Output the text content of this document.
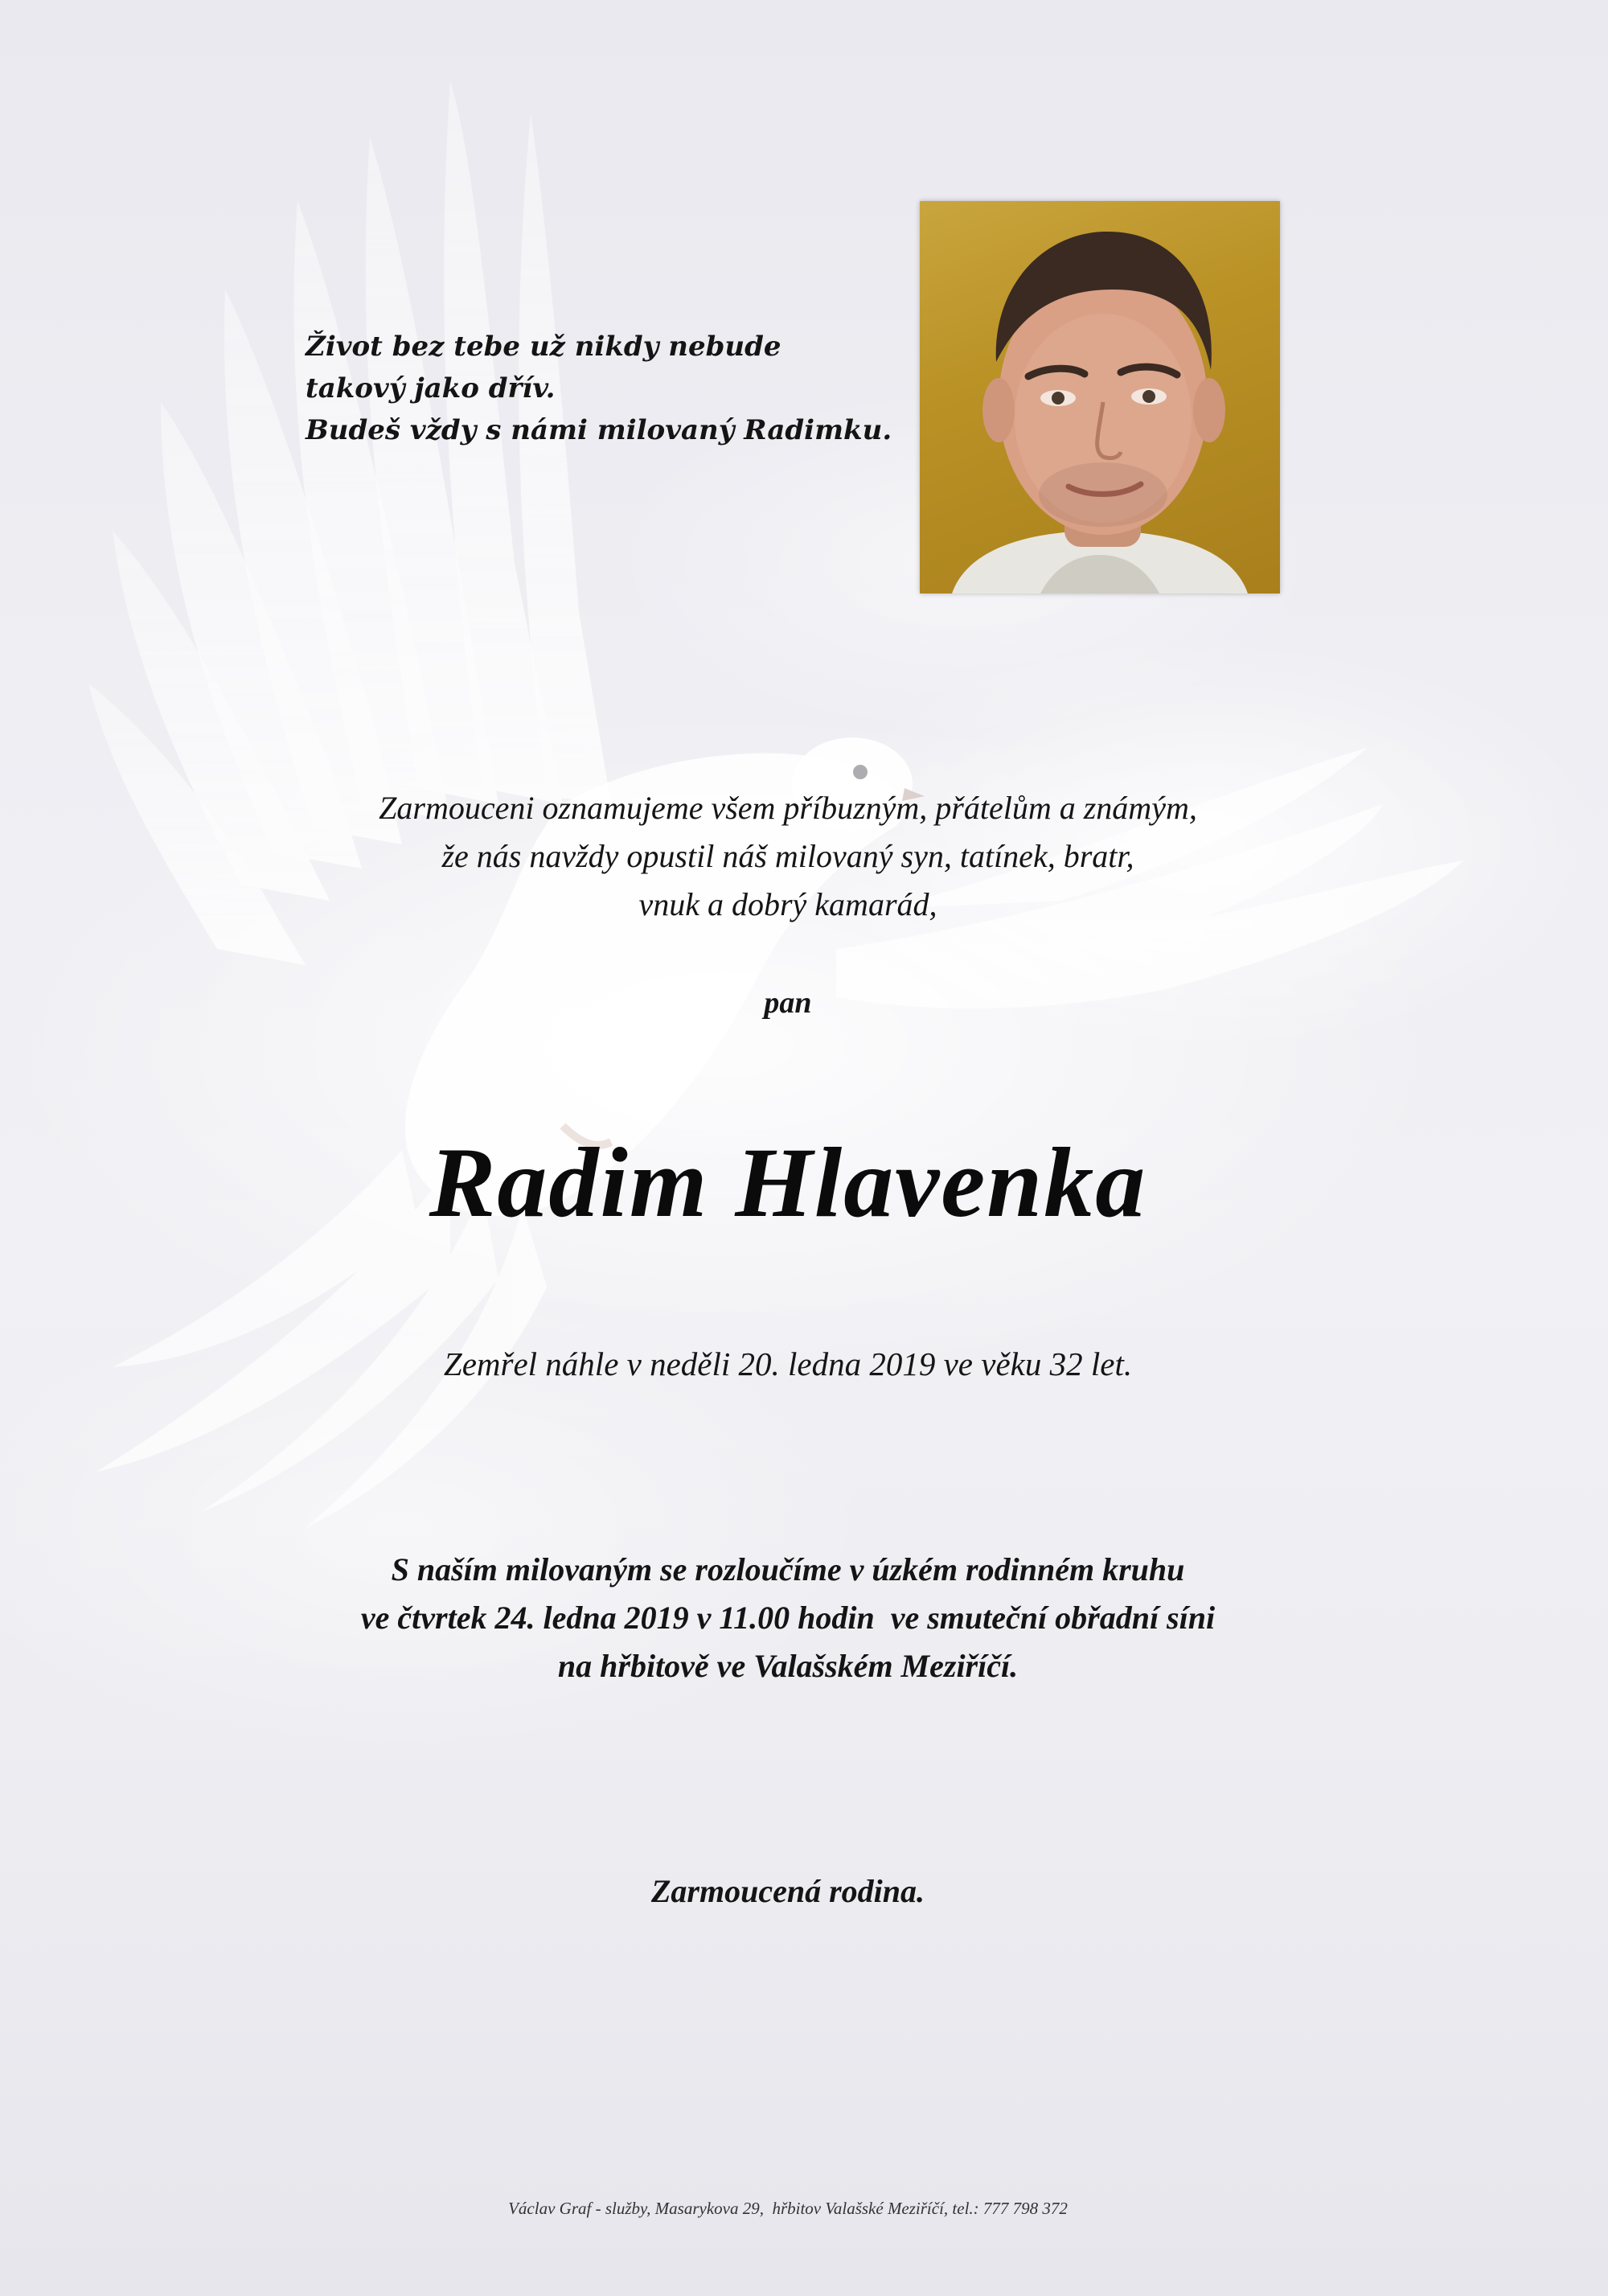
Život bez tebe už nikdy nebude
takový jako dřív.
Budeš vždy s námi milovaný Radimku.
Zarmouceni oznamujeme všem příbuzným, přátelům a známým,
že nás navždy opustil náš milovaný syn, tatínek, bratr,
vnuk a dobrý kamarád,
pan
Radim Hlavenka
Zemřel náhle v neděli 20. ledna 2019 ve věku 32 let.
S naším milovaným se rozloučíme v úzkém rodinném kruhu
ve čtvrtek 24. ledna 2019 v 11.00 hodin  ve smuteční obřadní síni
na hřbitově ve Valašském Meziříčí.
Zarmoucená rodina.
Václav Graf - služby, Masarykova 29,  hřbitov Valašské Meziříčí, tel.: 777 798 372
